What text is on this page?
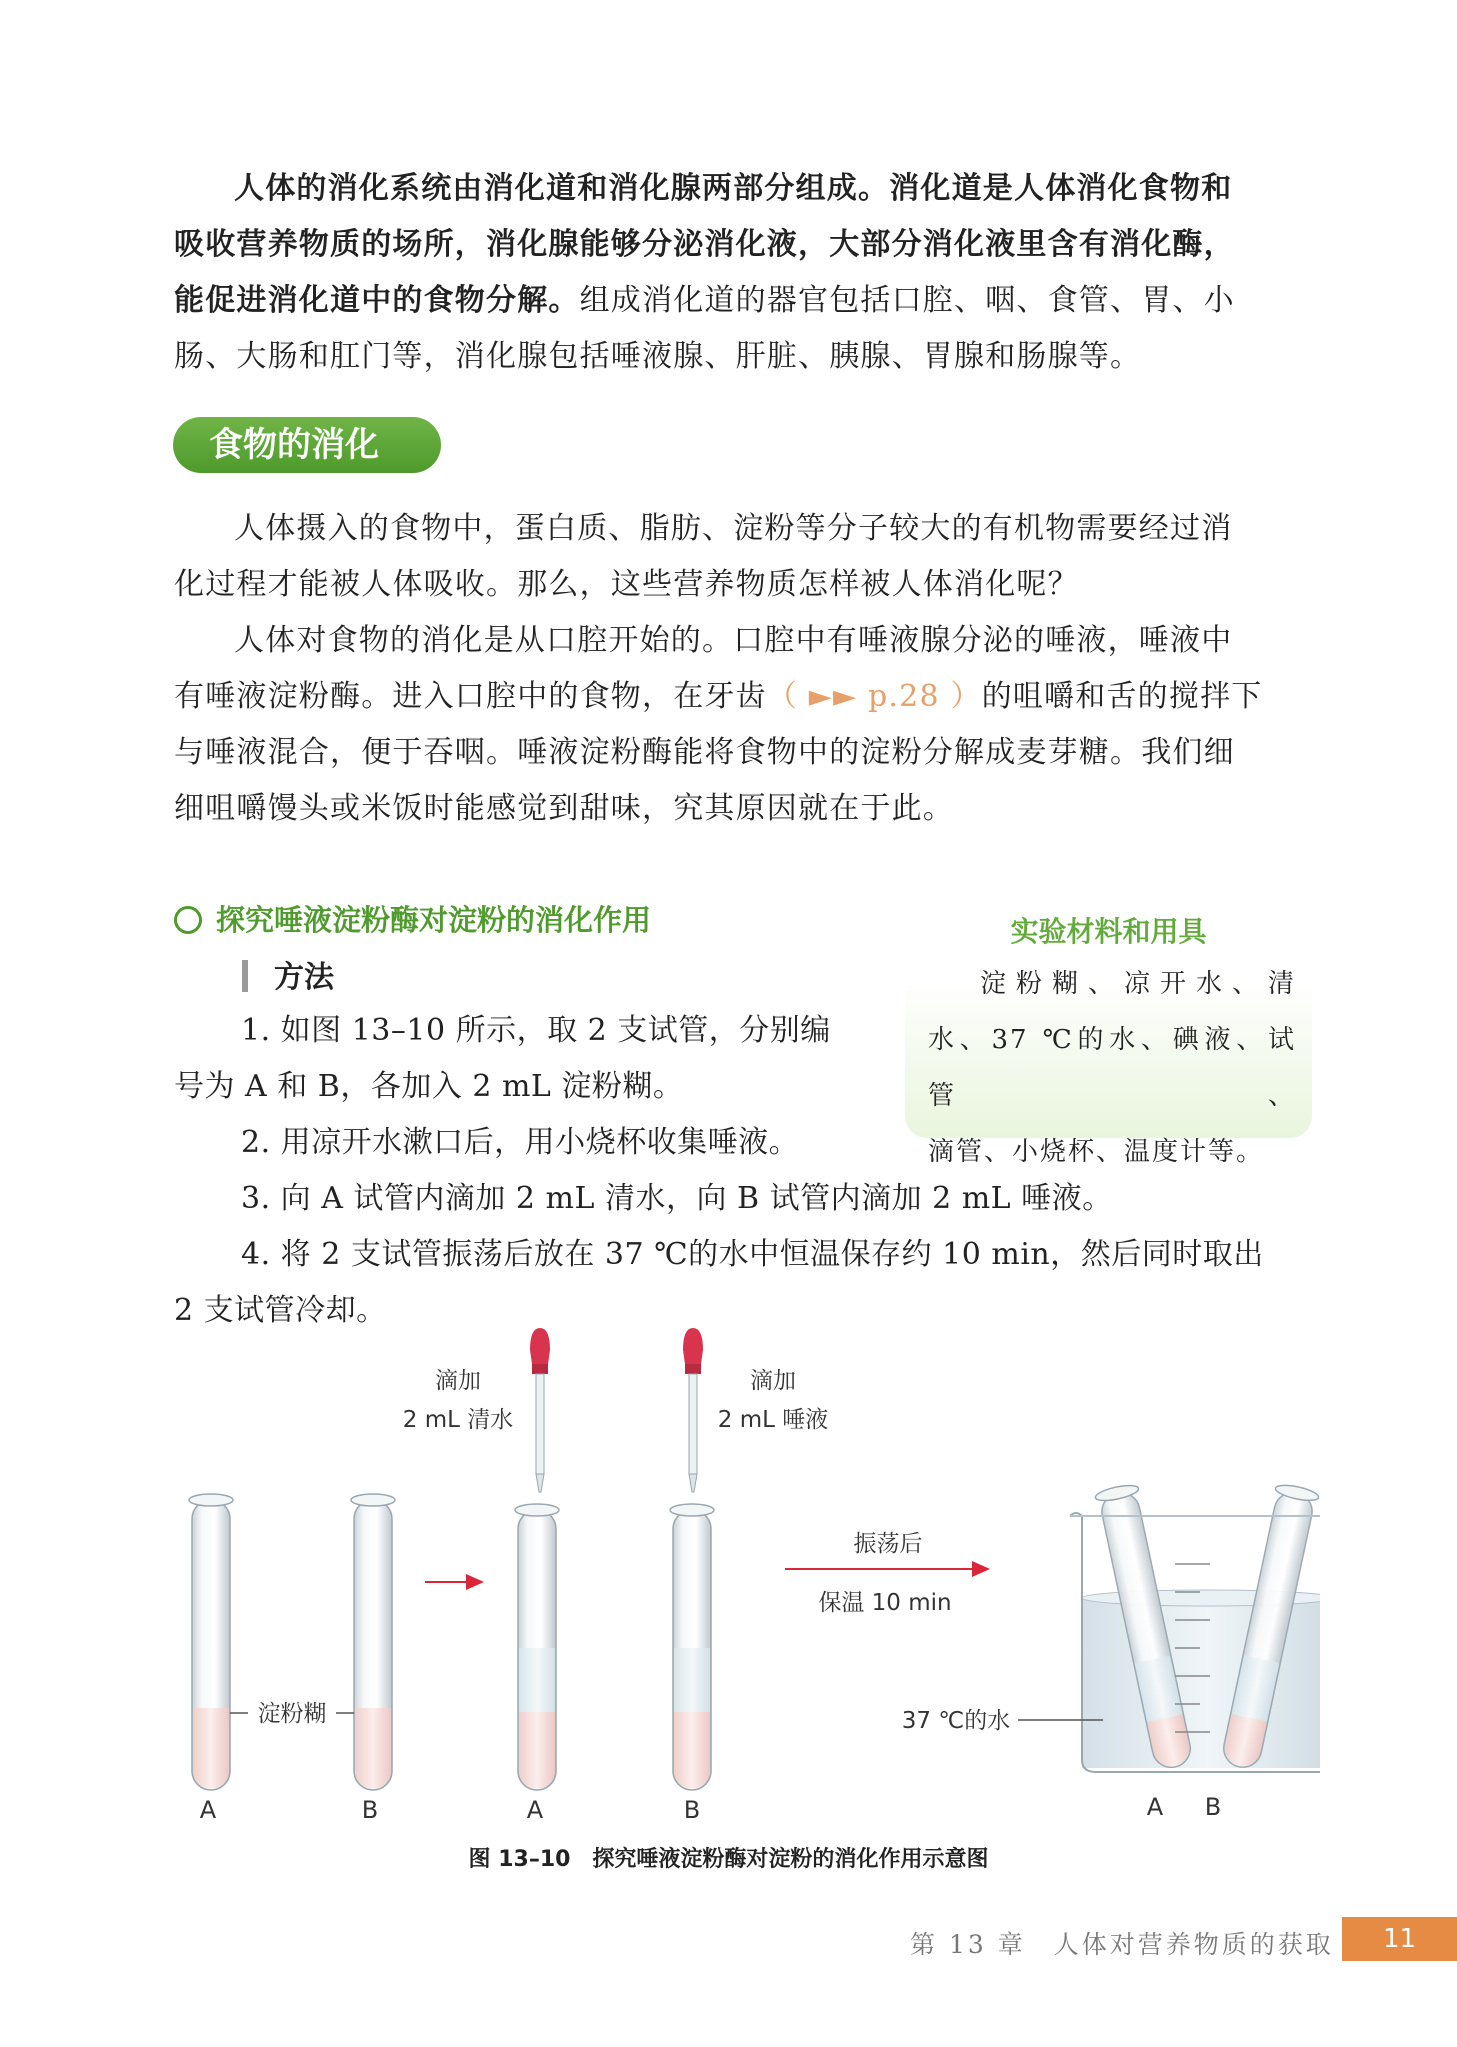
人体的消化系统由消化道和消化腺两部分组成。消化道是人体消化食物和

吸收营养物质的场所，消化腺能够分泌消化液，大部分消化液里含有消化酶，

能促进消化道中的食物分解。组成消化道的器官包括口腔、咽、食管、胃、小

肠、大肠和肛门等，消化腺包括唾液腺、肝脏、胰腺、胃腺和肠腺等。

食物的消化

人体摄入的食物中，蛋白质、脂肪、淀粉等分子较大的有机物需要经过消

化过程才能被人体吸收。那么，这些营养物质怎样被人体消化呢？

人体对食物的消化是从口腔开始的。口腔中有唾液腺分泌的唾液，唾液中

有唾液淀粉酶。进入口腔中的食物，在牙齿（ ►► p.28 ）的咀嚼和舌的搅拌下

与唾液混合，便于吞咽。唾液淀粉酶能将食物中的淀粉分解成麦芽糖。我们细

细咀嚼馒头或米饭时能感觉到甜味，究其原因就在于此。

探究唾液淀粉酶对淀粉的消化作用	实验材料和用具

淀粉糊、凉开水、清

水、37 ℃的水、碘液、试管、

滴管、小烧杯、温度计等。

方法

1. 如图 13–10 所示，取 2 支试管，分别编

号为 A 和 B，各加入 2 mL 淀粉糊。

2. 用凉开水漱口后，用小烧杯收集唾液。

3. 向 A 试管内滴加 2 mL 清水，向 B 试管内滴加 2 mL 唾液。

4. 将 2 支试管振荡后放在 37 ℃的水中恒温保存约 10 min，然后同时取出

2 支试管冷却。

淀粉糊
滴加
2 mL 清水
滴加
2 mL 唾液
振荡后
保温 10 min
37 ℃的水
A	B	A	B	A B
图 13–10　探究唾液淀粉酶对淀粉的消化作用示意图
第 13 章　人体对营养物质的获取	11
